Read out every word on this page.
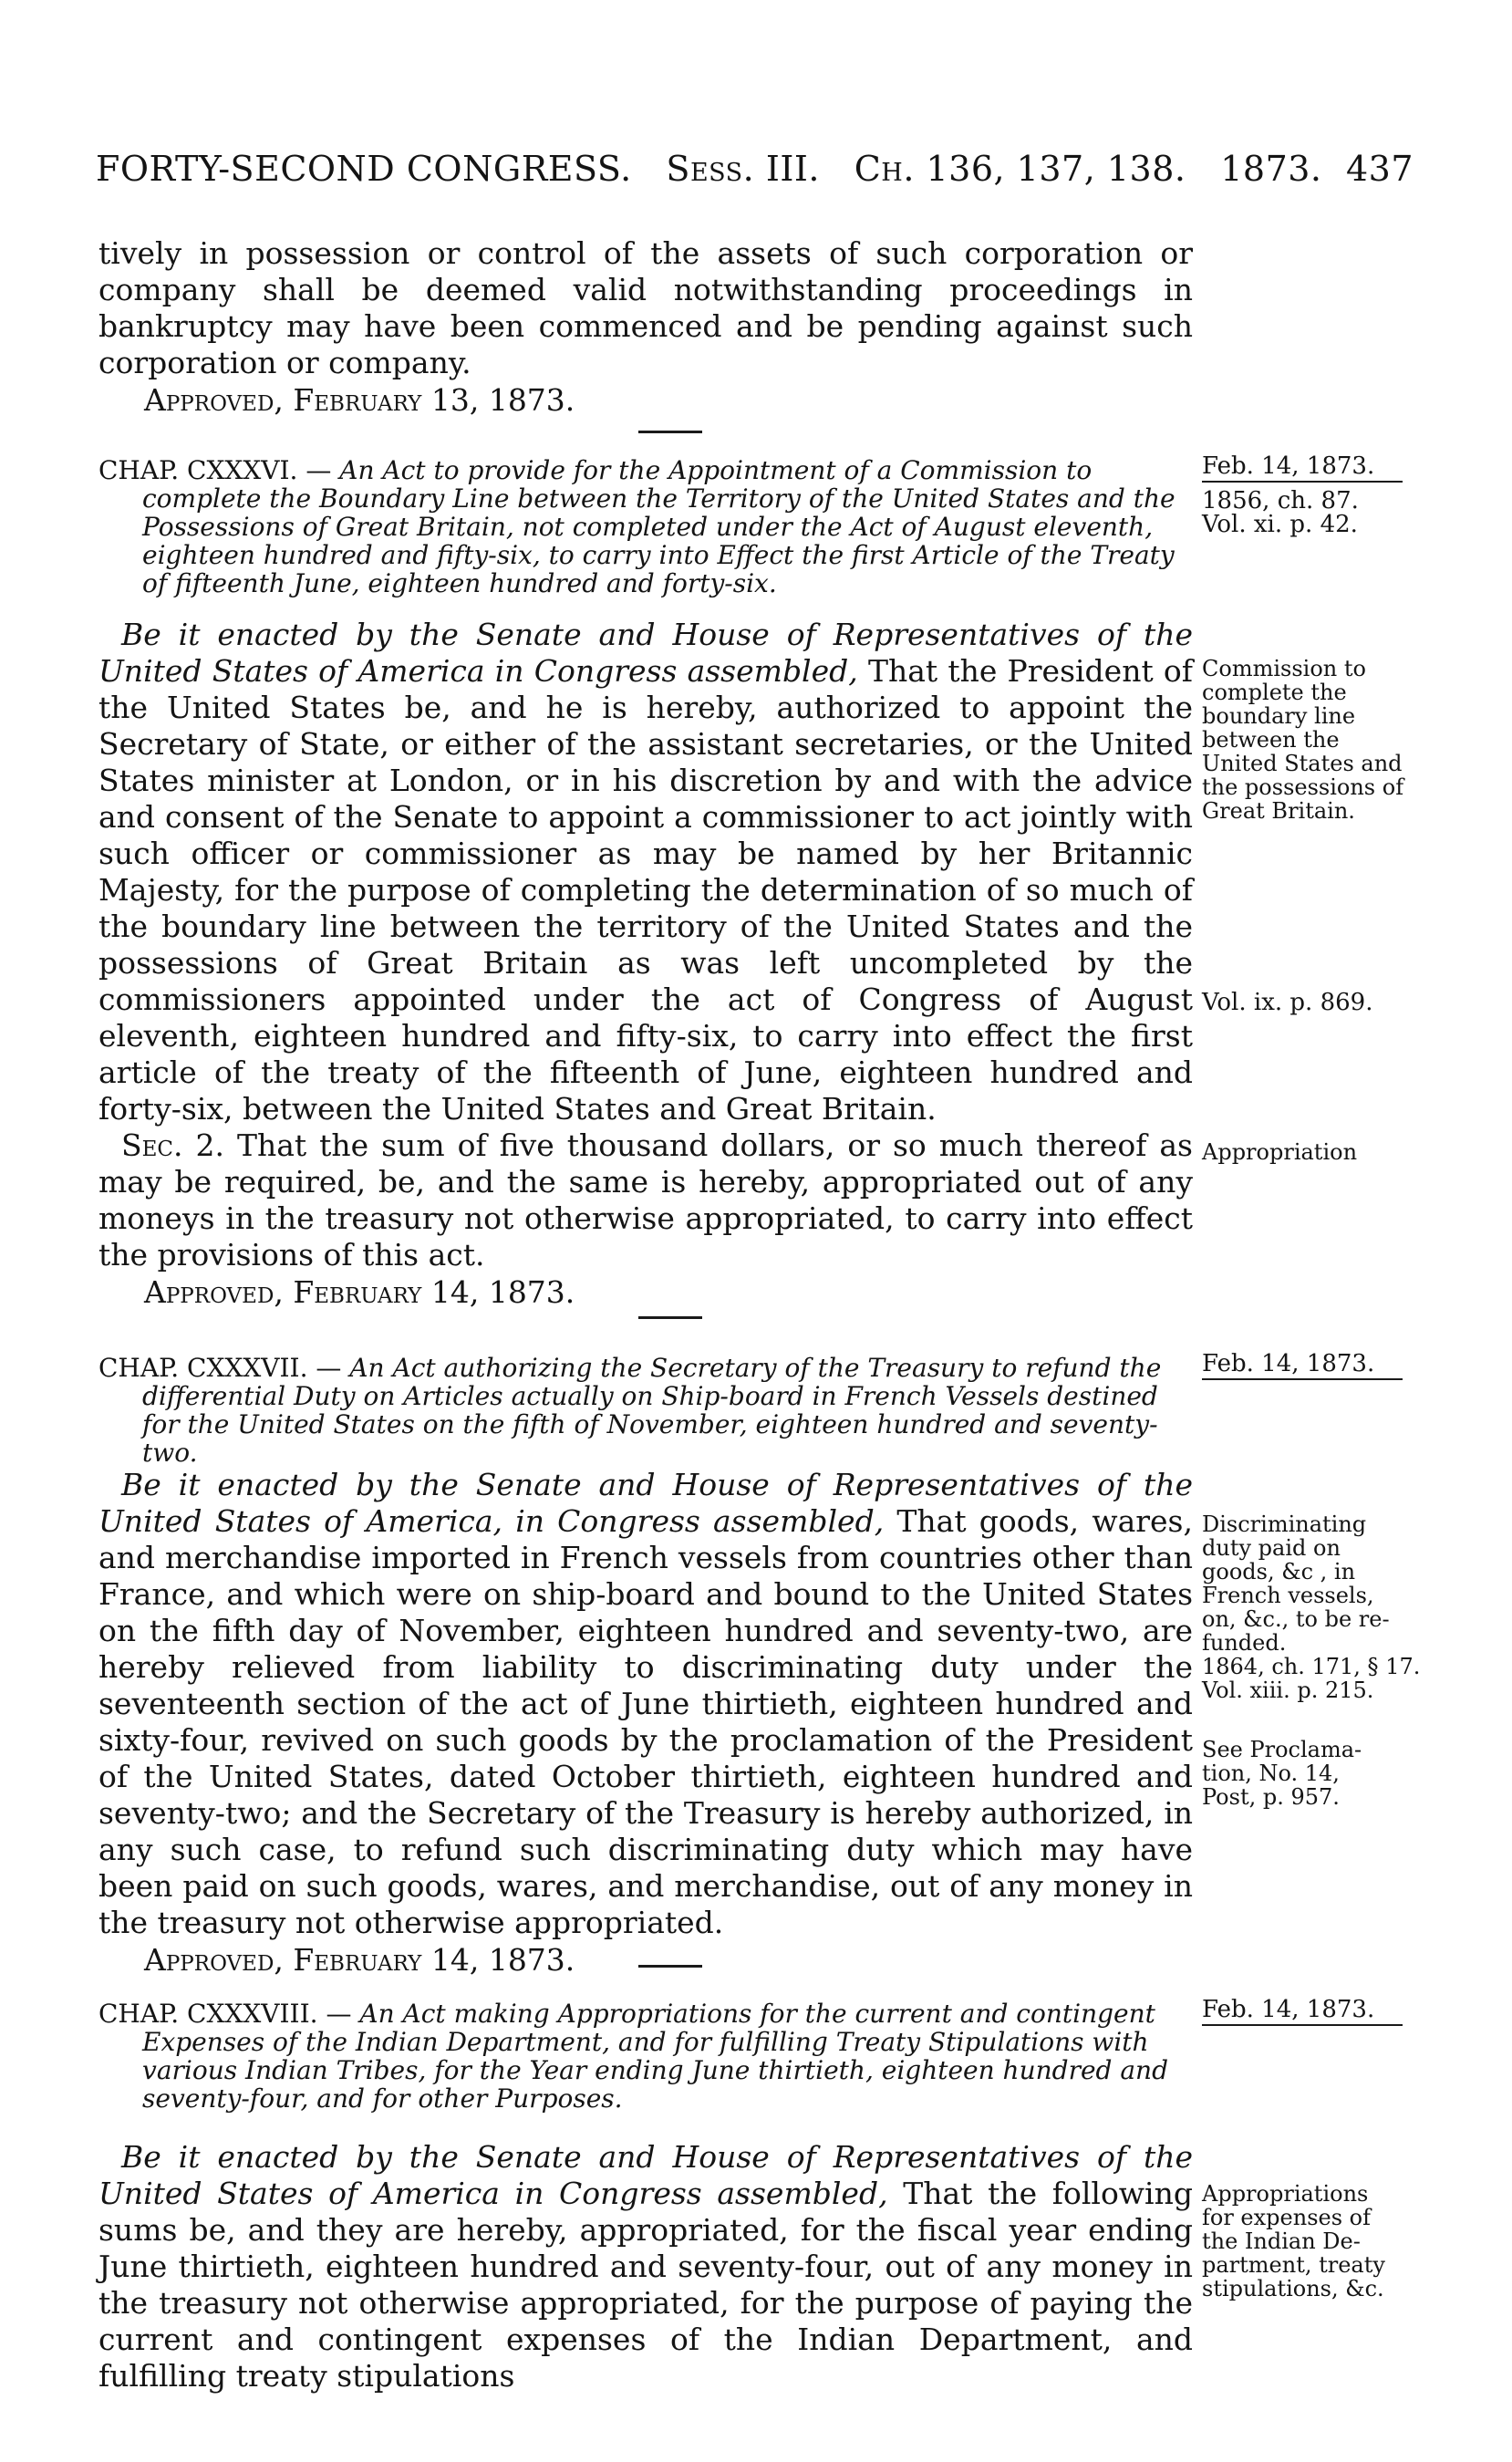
FORTY-SECOND CONGRESS. Sess. III. Ch. 136, 137, 138. 1873. 437

tively in possession or control of the assets of such corporation or company shall be deemed valid notwithstanding proceedings in bankruptcy may have been commenced and be pending against such corporation or company.

Approved, February 13, 1873.

CHAP. CXXXVI. — An Act to provide for the Appointment of a Commission to complete the Boundary Line between the Territory of the United States and the Possessions of Great Britain, not completed under the Act of August eleventh, eighteen hundred and fifty-six, to carry into Effect the first Article of the Treaty of fifteenth June, eighteen hundred and forty-six.

Feb. 14, 1873.
1856, ch. 87.
Vol. xi. p. 42.

Be it enacted by the Senate and House of Representatives of the United States of America in Congress assembled, That the President of the United States be, and he is hereby, authorized to appoint the Secretary of State, or either of the assistant secretaries, or the United States minister at London, or in his discretion by and with the advice and consent of the Senate to appoint a commissioner to act jointly with such officer or commissioner as may be named by her Britannic Majesty, for the purpose of completing the determination of so much of the boundary line between the territory of the United States and the possessions of Great Britain as was left uncompleted by the commissioners appointed under the act of Congress of August eleventh, eighteen hundred and fifty-six, to carry into effect the first article of the treaty of the fifteenth of June, eighteen hundred and forty-six, between the United States and Great Britain.

Sec. 2. That the sum of five thousand dollars, or so much thereof as may be required, be, and the same is hereby, appropriated out of any moneys in the treasury not otherwise appropriated, to carry into effect the provisions of this act.

Approved, February 14, 1873.

Commission to
complete the
boundary line
between the
United States and
the possessions of
Great Britain.
Vol. ix. p. 869.
Appropriation

CHAP. CXXXVII. — An Act authorizing the Secretary of the Treasury to refund the differential Duty on Articles actually on Ship-board in French Vessels destined for the United States on the fifth of November, eighteen hundred and seventy-two.

Feb. 14, 1873.

Be it enacted by the Senate and House of Representatives of the United States of America, in Congress assembled, That goods, wares, and merchandise imported in French vessels from countries other than France, and which were on ship-board and bound to the United States on the fifth day of November, eighteen hundred and seventy-two, are hereby relieved from liability to discriminating duty under the seventeenth section of the act of June thirtieth, eighteen hundred and sixty-four, revived on such goods by the proclamation of the President of the United States, dated October thirtieth, eighteen hundred and seventy-two; and the Secretary of the Treasury is hereby authorized, in any such case, to refund such discriminating duty which may have been paid on such goods, wares, and merchandise, out of any money in the treasury not otherwise appropriated.

Approved, February 14, 1873.

Discriminating
duty paid on
goods, &c , in
French vessels,
on, &c., to be re-
funded.
1864, ch. 171, § 17.
Vol. xiii. p. 215.
See Proclama-
tion, No. 14,
Post, p. 957.

CHAP. CXXXVIII. — An Act making Appropriations for the current and contingent Expenses of the Indian Department, and for fulfilling Treaty Stipulations with various Indian Tribes, for the Year ending June thirtieth, eighteen hundred and seventy-four, and for other Purposes.

Feb. 14, 1873.

Be it enacted by the Senate and House of Representatives of the United States of America in Congress assembled, That the following sums be, and they are hereby, appropriated, for the fiscal year ending June thirtieth, eighteen hundred and seventy-four, out of any money in the treasury not otherwise appropriated, for the purpose of paying the current and contingent expenses of the Indian Department, and fulfilling treaty stipulations

Appropriations
for expenses of
the Indian De-
partment, treaty
stipulations, &c.
